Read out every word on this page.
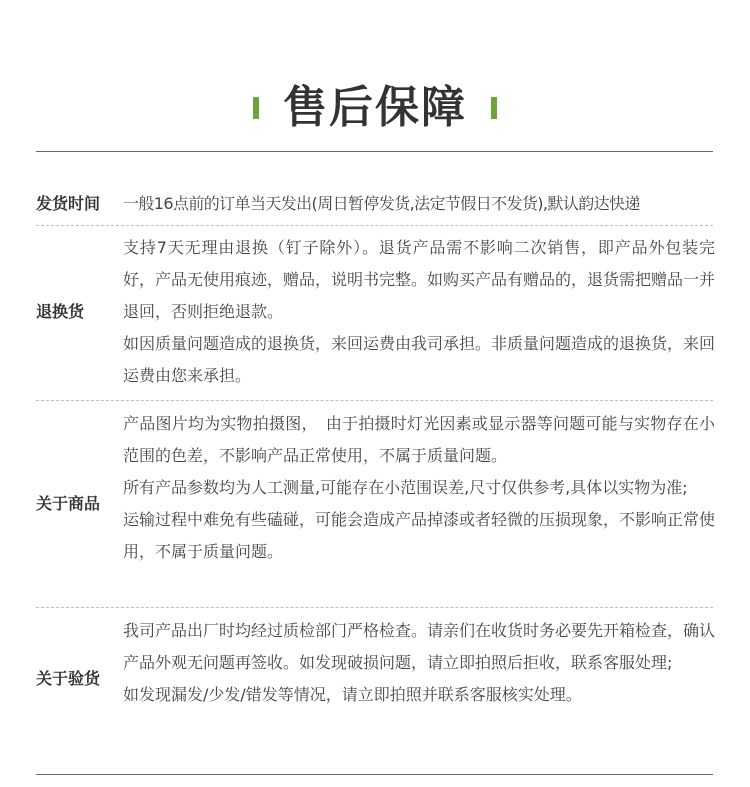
售后保障
发货时间	一般16点前的订单当天发出(周日暂停发货,法定节假日不发货),默认韵达快递

退换货

支持7天无理由退换（钉子除外）。退货产品需不影响二次销售，即产品外包装完好，产品无使用痕迹，赠品，说明书完整。如购买产品有赠品的，退货需把赠品一并退回，否则拒绝退款。

如因质量问题造成的退换货，来回运费由我司承担。非质量问题造成的退换货，来回运费由您来承担。

关于商品

产品图片均为实物拍摄图，　由于拍摄时灯光因素或显示器等问题可能与实物存在小范围的色差，不影响产品正常使用，不属于质量问题。

所有产品参数均为人工测量,可能存在小范围误差,尺寸仅供参考,具体以实物为准;

运输过程中难免有些磕碰，可能会造成产品掉漆或者轻微的压损现象，不影响正常使用，不属于质量问题。

关于验货

我司产品出厂时均经过质检部门严格检查。请亲们在收货时务必要先开箱检查，确认产品外观无问题再签收。如发现破损问题，请立即拍照后拒收，联系客服处理;

如发现漏发/少发/错发等情况，请立即拍照并联系客服核实处理。
